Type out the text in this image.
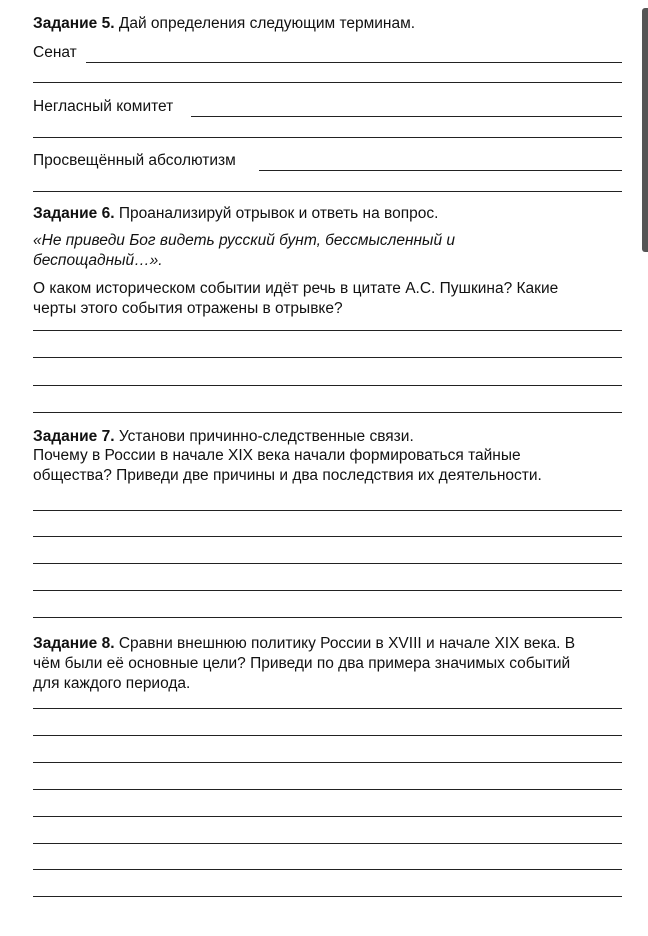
Задание 5. Дай определения следующим терминам.

Сенат

Негласный комитет

Просвещённый абсолютизм

Задание 6. Проанализируй отрывок и ответь на вопрос.

«Не приведи Бог видеть русский бунт, бессмысленный и

беспощадный…».

О каком историческом событии идёт речь в цитате А.С. Пушкина? Какие

черты этого события отражены в отрывке?

Задание 7. Установи причинно-следственные связи.

Почему в России в начале XIX века начали формироваться тайные

общества? Приведи две причины и два последствия их деятельности.

Задание 8. Сравни внешнюю политику России в XVIII и начале XIX века. В

чём были её основные цели? Приведи по два примера значимых событий

для каждого периода.
